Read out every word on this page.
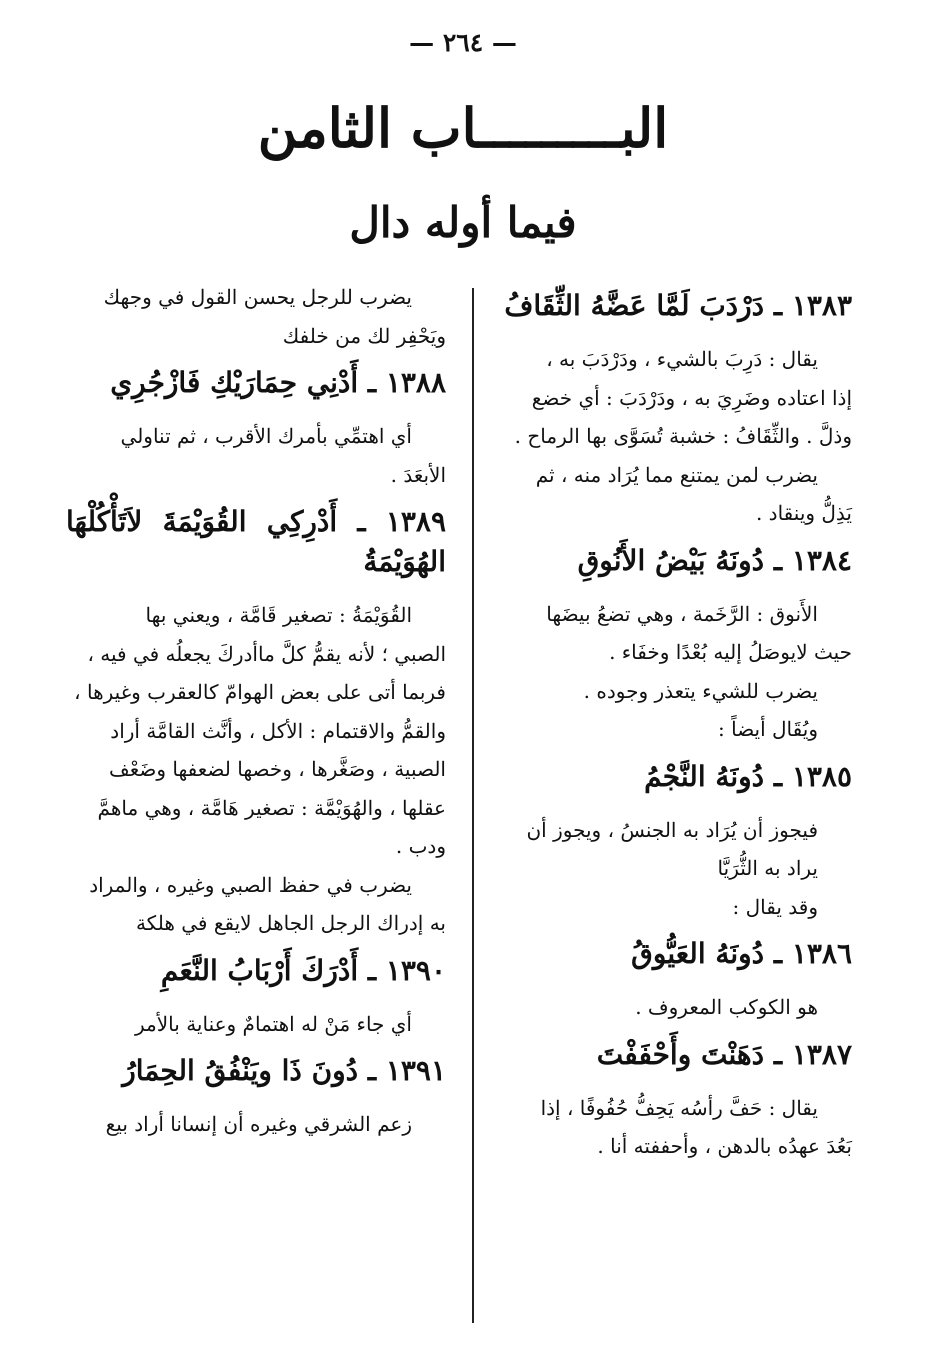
— ٢٦٤ —
البـــــــــاب الثامن
فيما أوله دال
١٣٨٣ ـ دَرْدَبَ لَمَّا عَضَّهُ الثِّقَافُ
يقال : دَرِبَ بالشيء ، ودَرْدَبَ به ،
إذا اعتاده وضَرِيَ به ، ودَرْدَبَ : أي خضع
وذلَّ . والثِّقَافُ : خشبة تُسَوَّى بها الرماح .
يضرب لمن يمتنع مما يُرَاد منه ، ثم
يَذِلُّ وينقاد .
١٣٨٤ ـ دُونَهُ بَيْضُ الأَنُوقِ
الأَنوق : الرَّخَمة ، وهي تضعُ بيضَها
حيث لايوصَلُ إليه بُعْدًا وخفَاء .
يضرب للشيء يتعذر وجوده .
ويُقَال أيضاً :
١٣٨٥ ـ دُونَهُ النَّجْمُ
فيجوز أن يُرَاد به الجنسُ ، ويجوز أن
يراد به الثُّرَيَّا
وقد يقال :
١٣٨٦ ـ دُونَهُ العَيُّوقُ
هو الكوكب المعروف .
١٣٨٧ ـ دَهَنْتَ وأَحْفَفْتَ
يقال : حَفَّ رأسُه يَحِفُّ حُفُوفًا ، إذا
بَعُدَ عهدُه بالدهن ، وأحففته أنا .
يضرب للرجل يحسن القول في وجهك
ويَحْفِر لك من خلفك
١٣٨٨ ـ أَدْنِي حِمَارَيْكِ فَازْجُرِي
أي اهتمِّي بأمرك الأقرب ، ثم تناولي
الأبعَدَ .
١٣٨٩ ـ أَدْرِكِي القُوَيْمَةَ لاَتَأْكُلْهَا الهُوَيْمَةُ
القُوَيْمَةُ : تصغير قَامَّة ، ويعني بها
الصبي ؛ لأنه يقمُّ كلَّ ماأدركَ يجعلُه في فيه ،
فربما أتى على بعض الهوامّ كالعقرب وغيرها ،
والقمُّ والاقتمام : الأكل ، وأنَّث القامَّة أراد
الصبية ، وصَغَّرها ، وخصها لضعفها وضَعْف
عقلها ، والهُوَيْمَّة : تصغير هَامَّة ، وهي ماهمَّ
ودب .
يضرب في حفظ الصبي وغيره ، والمراد
به إدراك الرجل الجاهل لايقع في هلكة
١٣٩٠ ـ أَدْرَكَ أَرْبَابُ النَّعَمِ
أي جاء مَنْ له اهتمامٌ وعناية بالأمر
١٣٩١ ـ دُونَ ذَا ويَنْفُقُ الحِمَارُ
زعم الشرقي وغيره أن إنسانا أراد بيع
